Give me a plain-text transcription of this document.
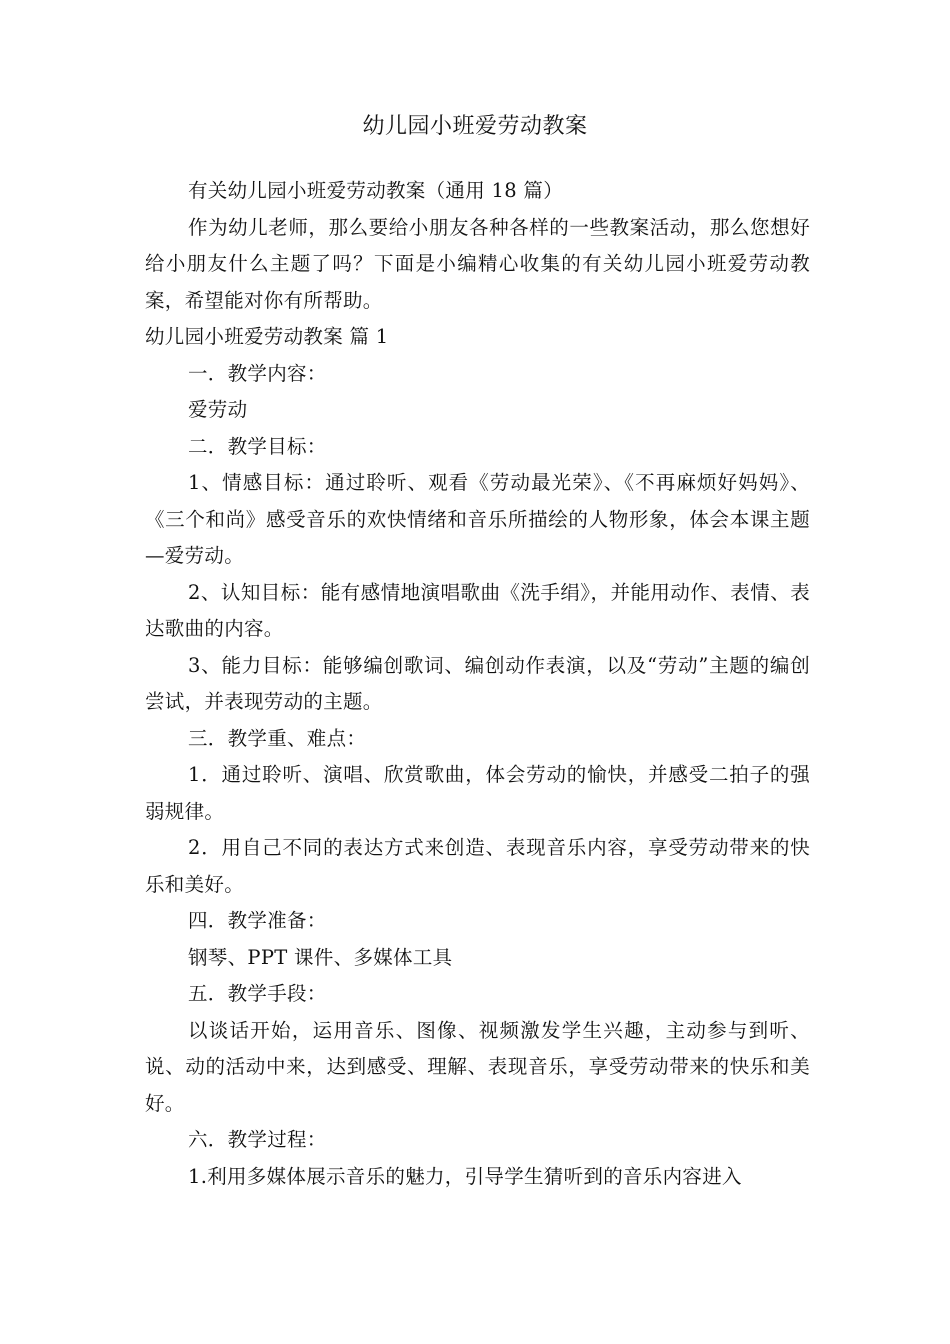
幼儿园小班爱劳动教案

有关幼儿园小班爱劳动教案（通用 18 篇）

作为幼儿老师，那么要给小朋友各种各样的一些教案活动，那么您想好给小朋友什么主题了吗？下面是小编精心收集的有关幼儿园小班爱劳动教案，希望能对你有所帮助。

幼儿园小班爱劳动教案 篇 1

一．教学内容：

爱劳动

二．教学目标：

1、情感目标：通过聆听、观看《劳动最光荣》、《不再麻烦好妈妈》、《三个和尚》感受音乐的欢快情绪和音乐所描绘的人物形象，体会本课主题—爱劳动。

2、认知目标：能有感情地演唱歌曲《洗手绢》，并能用动作、表情、表达歌曲的内容。

3、能力目标：能够编创歌词、编创动作表演，以及“劳动”主题的编创尝试，并表现劳动的主题。

三．教学重、难点：

1．通过聆听、演唱、欣赏歌曲，体会劳动的愉快，并感受二拍子的强弱规律。

2．用自己不同的表达方式来创造、表现音乐内容，享受劳动带来的快乐和美好。

四．教学准备：

钢琴、PPT 课件、多媒体工具

五．教学手段：

以谈话开始，运用音乐、图像、视频激发学生兴趣，主动参与到听、说、动的活动中来，达到感受、理解、表现音乐，享受劳动带来的快乐和美好。

六．教学过程：

1.利用多媒体展示音乐的魅力，引导学生猜听到的音乐内容进入
